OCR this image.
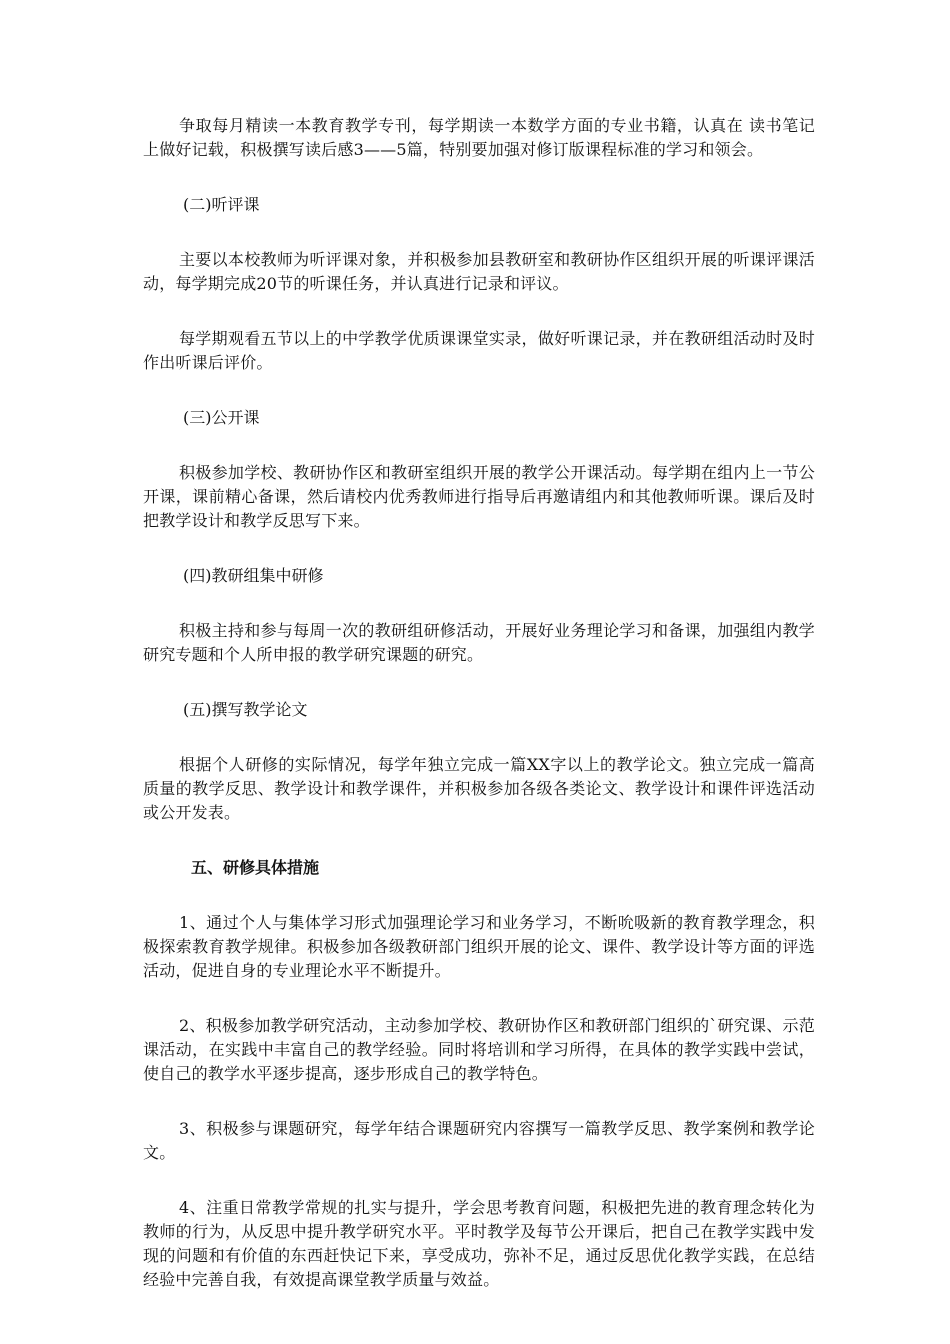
争取每月精读一本教育教学专刊，每学期读一本数学方面的专业书籍，认真在 读书笔记 上做好记载，积极撰写读后感3——5篇，特别要加强对修订版课程标准的学习和领会。

(二)听评课

主要以本校教师为听评课对象，并积极参加县教研室和教研协作区组织开展的听课评课活动，每学期完成20节的听课任务，并认真进行记录和评议。

每学期观看五节以上的中学教学优质课课堂实录，做好听课记录，并在教研组活动时及时作出听课后评价。

(三)公开课

积极参加学校、教研协作区和教研室组织开展的教学公开课活动。每学期在组内上一节公开课，课前精心备课，然后请校内优秀教师进行指导后再邀请组内和其他教师听课。课后及时把教学设计和教学反思写下来。

(四)教研组集中研修

积极主持和参与每周一次的教研组研修活动，开展好业务理论学习和备课，加强组内教学研究专题和个人所申报的教学研究课题的研究。

(五)撰写教学论文

根据个人研修的实际情况，每学年独立完成一篇XX字以上的教学论文。独立完成一篇高质量的教学反思、教学设计和教学课件，并积极参加各级各类论文、教学设计和课件评选活动或公开发表。

五、研修具体措施

1、通过个人与集体学习形式加强理论学习和业务学习，不断吮吸新的教育教学理念，积极探索教育教学规律。积极参加各级教研部门组织开展的论文、课件、教学设计等方面的评选活动，促进自身的专业理论水平不断提升。

2、积极参加教学研究活动，主动参加学校、教研协作区和教研部门组织的`研究课、示范课活动，在实践中丰富自己的教学经验。同时将培训和学习所得，在具体的教学实践中尝试，使自己的教学水平逐步提高，逐步形成自己的教学特色。

3、积极参与课题研究，每学年结合课题研究内容撰写一篇教学反思、教学案例和教学论文。

4、注重日常教学常规的扎实与提升，学会思考教育问题，积极把先进的教育理念转化为教师的行为，从反思中提升教学研究水平。平时教学及每节公开课后，把自己在教学实践中发现的问题和有价值的东西赶快记下来，享受成功，弥补不足，通过反思优化教学实践，在总结经验中完善自我，有效提高课堂教学质量与效益。
